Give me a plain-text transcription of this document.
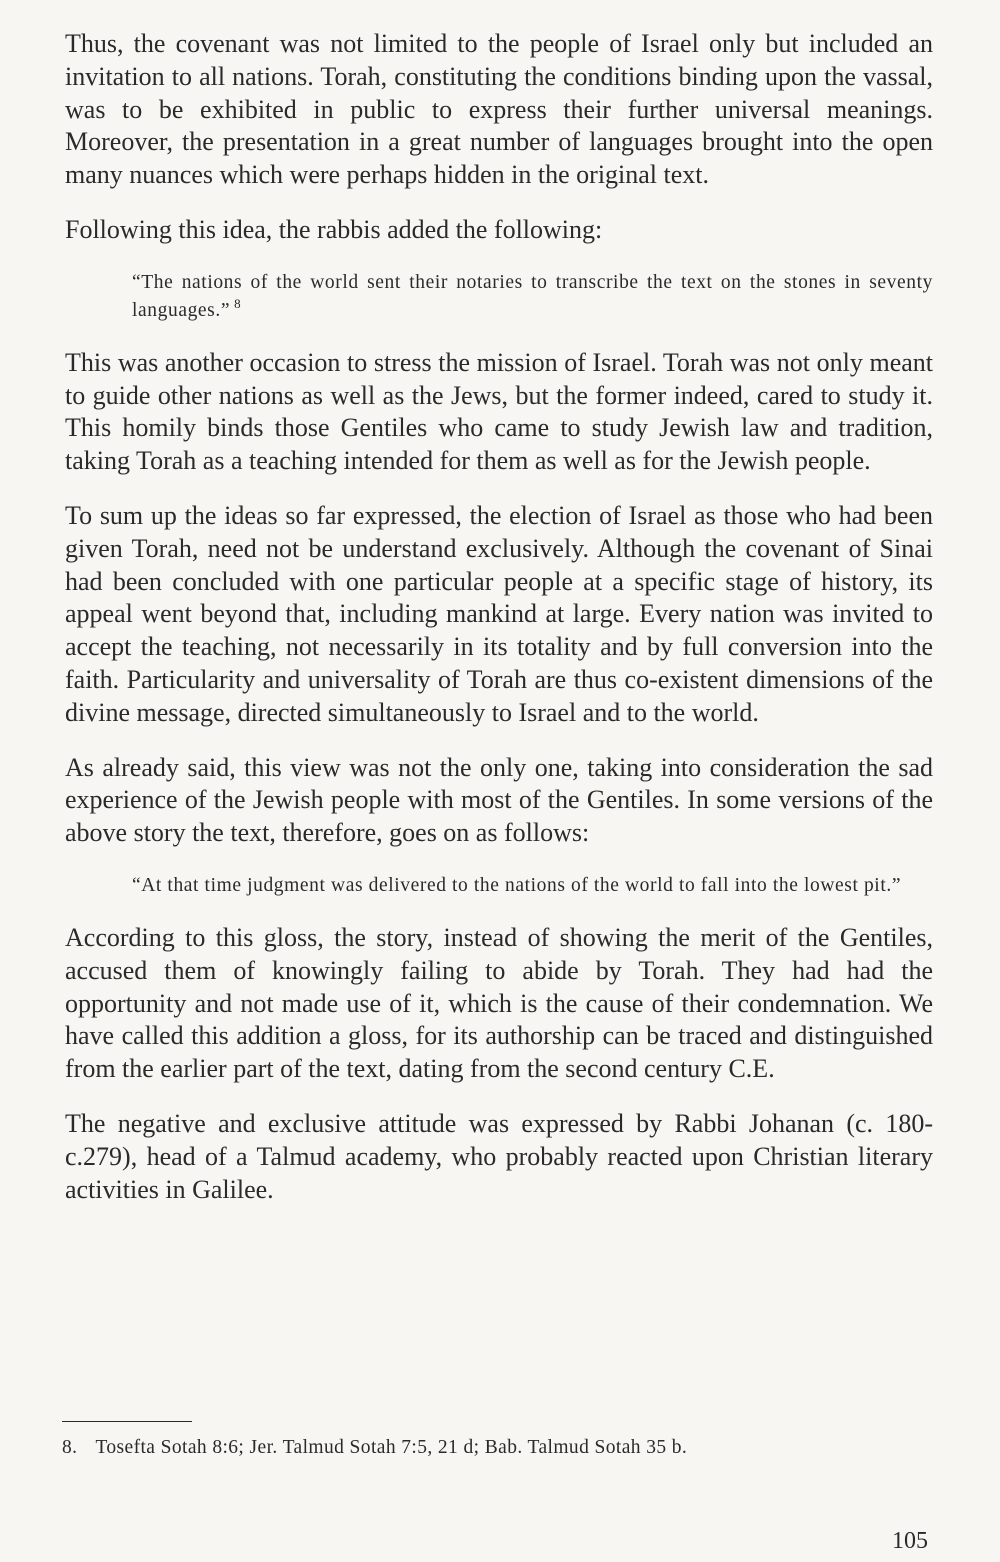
Thus, the covenant was not limited to the people of Israel only but included an invitation to all nations. Torah, constituting the conditions binding upon the vassal, was to be exhibited in public to express their further universal meanings. Moreover, the presentation in a great number of languages brought into the open many nuances which were perhaps hidden in the original text.

Following this idea, the rabbis added the following:

“The nations of the world sent their notaries to transcribe the text on the stones in seventy languages.” $^8$

This was another occasion to stress the mission of Israel. Torah was not only meant to guide other nations as well as the Jews, but the former indeed, cared to study it. This homily binds those Gentiles who came to study Jewish law and tradition, taking Torah as a teaching intended for them as well as for the Jewish people.

To sum up the ideas so far expressed, the election of Israel as those who had been given Torah, need not be understand exclusively. Although the covenant of Sinai had been concluded with one particular people at a specific stage of history, its appeal went beyond that, including mankind at large. Every nation was invited to accept the teaching, not necessarily in its totality and by full conversion into the faith. Particularity and universality of Torah are thus co-existent dimensions of the divine message, directed simultaneously to Israel and to the world.

As already said, this view was not the only one, taking into consideration the sad experience of the Jewish people with most of the Gentiles. In some versions of the above story the text, therefore, goes on as follows:

“At that time judgment was delivered to the nations of the world to fall into the lowest pit.”

According to this gloss, the story, instead of showing the merit of the Gentiles, accused them of knowingly failing to abide by Torah. They had had the opportunity and not made use of it, which is the cause of their condemnation. We have called this addition a gloss, for its authorship can be traced and distinguished from the earlier part of the text, dating from the second century C.E.

The negative and exclusive attitude was expressed by Rabbi Johanan (c. 180-c.279), head of a Talmud academy, who probably reacted upon Christian literary activities in Galilee.

8. Tosefta Sotah 8:6; Jer. Talmud Sotah 7:5, 21 d; Bab. Talmud Sotah 35 b.
105
